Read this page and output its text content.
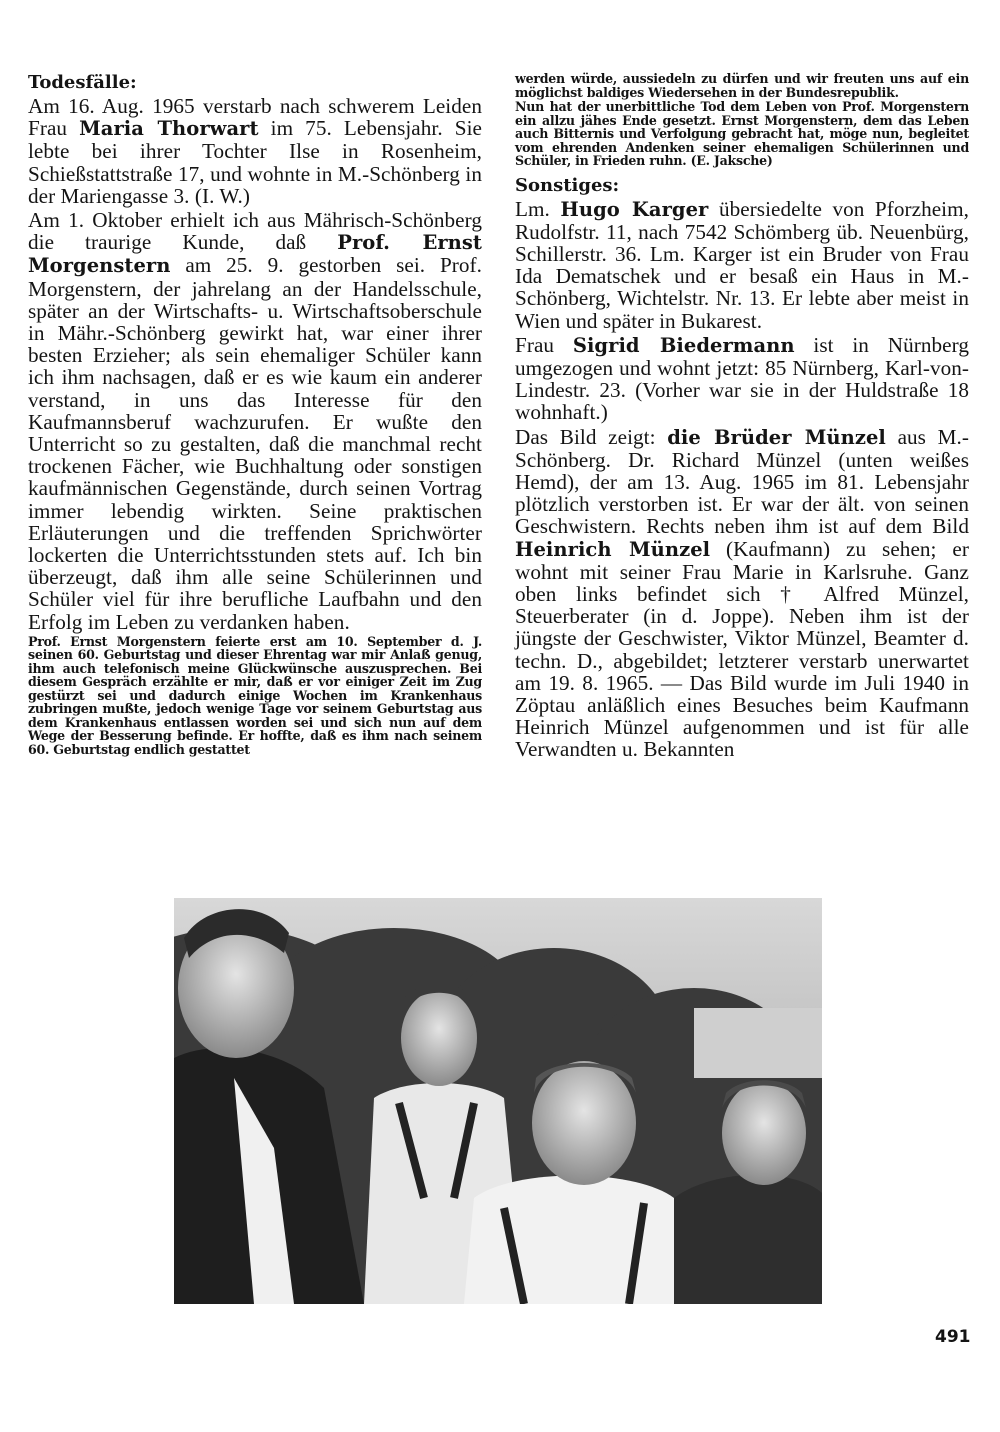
Todesfälle:

Am 16. Aug. 1965 verstarb nach schwerem Leiden Frau Maria Thorwart im 75. Lebensjahr. Sie lebte bei ihrer Tochter Ilse in Rosenheim, Schießstattstraße 17, und wohnte in M.-Schönberg in der Mariengasse 3. (I. W.)

Am 1. Oktober erhielt ich aus Mährisch-Schönberg die traurige Kunde, daß Prof. Ernst Morgenstern am 25. 9. gestorben sei. Prof. Morgenstern, der jahrelang an der Handelsschule, später an der Wirtschafts- u. Wirtschaftsoberschule in Mähr.-Schönberg gewirkt hat, war einer ihrer besten Erzieher; als sein ehemaliger Schüler kann ich ihm nachsagen, daß er es wie kaum ein anderer verstand, in uns das Interesse für den Kaufmannsberuf wachzurufen. Er wußte den Unterricht so zu gestalten, daß die manchmal recht trockenen Fächer, wie Buchhaltung oder sonstigen kaufmännischen Gegenstände, durch seinen Vortrag immer lebendig wirkten. Seine praktischen Erläuterungen und die treffenden Sprichwörter lockerten die Unterrichtsstunden stets auf. Ich bin überzeugt, daß ihm alle seine Schülerinnen und Schüler viel für ihre berufliche Laufbahn und den Erfolg im Leben zu verdanken haben.

Prof. Ernst Morgenstern feierte erst am 10. September d. J. seinen 60. Geburtstag und dieser Ehrentag war mir Anlaß genug, ihm auch telefonisch meine Glückwünsche auszusprechen. Bei diesem Gespräch erzählte er mir, daß er vor einiger Zeit im Zug gestürzt sei und dadurch einige Wochen im Krankenhaus zubringen mußte, jedoch wenige Tage vor seinem Geburtstag aus dem Krankenhaus entlassen worden sei und sich nun auf dem Wege der Besserung befinde. Er hoffte, daß es ihm nach seinem 60. Geburtstag endlich gestattet

werden würde, aussiedeln zu dürfen und wir freuten uns auf ein möglichst baldiges Wiedersehen in der Bundesrepublik.

Nun hat der unerbittliche Tod dem Leben von Prof. Morgenstern ein allzu jähes Ende gesetzt. Ernst Morgenstern, dem das Leben auch Bitternis und Verfolgung gebracht hat, möge nun, begleitet vom ehrenden Andenken seiner ehemaligen Schülerinnen und Schüler, in Frieden ruhn. (E. Jaksche)

Sonstiges:

Lm. Hugo Karger übersiedelte von Pforzheim, Rudolfstr. 11, nach 7542 Schömberg üb. Neuenbürg, Schillerstr. 36. Lm. Karger ist ein Bruder von Frau Ida Dematschek und er besaß ein Haus in M.-Schönberg, Wichtelstr. Nr. 13. Er lebte aber meist in Wien und später in Bukarest.

Frau Sigrid Biedermann ist in Nürnberg umgezogen und wohnt jetzt: 85 Nürnberg, Karl-von-Lindestr. 23. (Vorher war sie in der Huldstraße 18 wohnhaft.)

Das Bild zeigt: die Brüder Münzel aus M.-Schönberg. Dr. Richard Münzel (unten weißes Hemd), der am 13. Aug. 1965 im 81. Lebensjahr plötzlich verstorben ist. Er war der ält. von seinen Geschwistern. Rechts neben ihm ist auf dem Bild Heinrich Münzel (Kaufmann) zu sehen; er wohnt mit seiner Frau Marie in Karlsruhe. Ganz oben links befindet sich † Alfred Münzel, Steuerberater (in d. Joppe). Neben ihm ist der jüngste der Geschwister, Viktor Münzel, Beamter d. techn. D., abgebildet; letzterer verstarb unerwartet am 19. 8. 1965. — Das Bild wurde im Juli 1940 in Zöptau anläßlich eines Besuches beim Kaufmann Heinrich Münzel aufgenommen und ist für alle Verwandten u. Bekannten

491
